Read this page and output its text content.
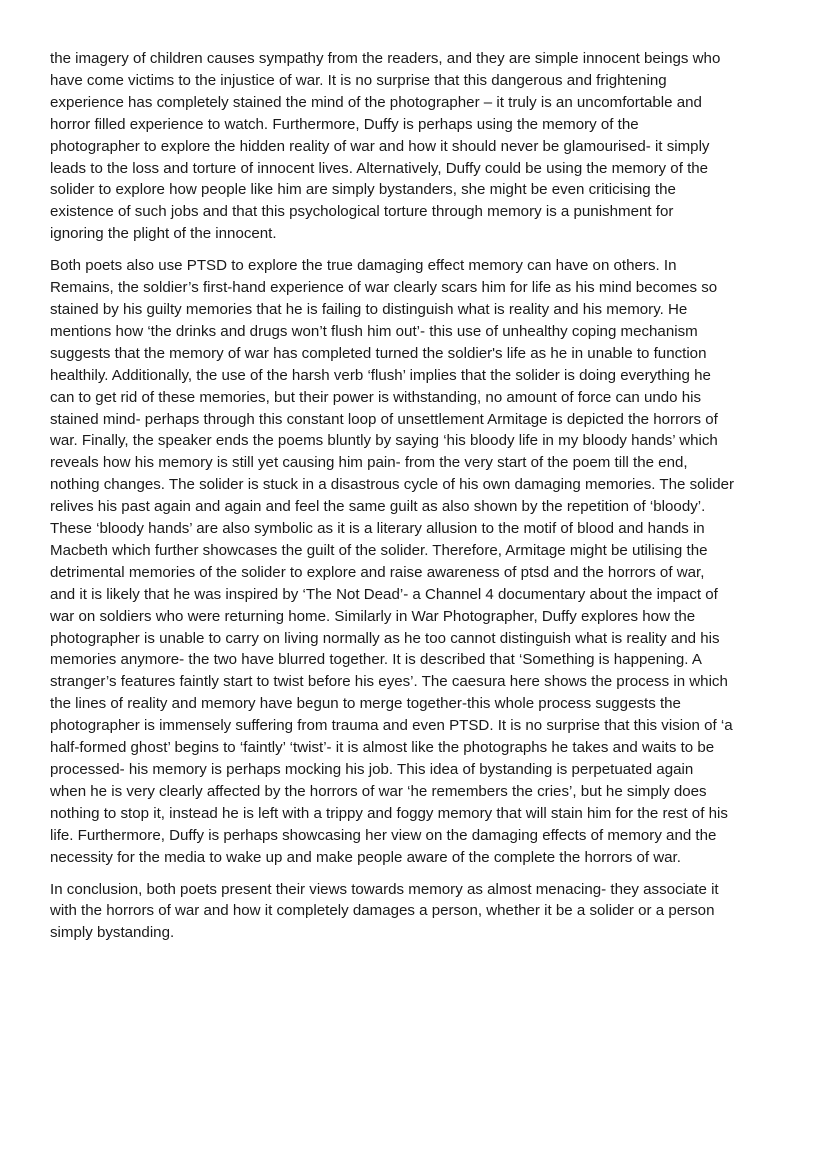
the imagery of children causes sympathy from the readers, and they are simple innocent beings who
have come victims to the injustice of war. It is no surprise that this dangerous and frightening
experience has completely stained the mind of the photographer – it truly is an uncomfortable and
horror filled experience to watch. Furthermore, Duffy is perhaps using the memory of the
photographer to explore the hidden reality of war and how it should never be glamourised- it simply
leads to the loss and torture of innocent lives. Alternatively, Duffy could be using the memory of the
solider to explore how people like him are simply bystanders, she might be even criticising the
existence of such jobs and that this psychological torture through memory is a punishment for
ignoring the plight of the innocent.
Both poets also use PTSD to explore the true damaging effect memory can have on others. In
Remains, the soldier’s first-hand experience of war clearly scars him for life as his mind becomes so
stained by his guilty memories that he is failing to distinguish what is reality and his memory. He
mentions how ‘the drinks and drugs won’t flush him out’- this use of unhealthy coping mechanism
suggests that the memory of war has completed turned the soldier's life as he in unable to function
healthily. Additionally, the use of the harsh verb ‘flush’ implies that the solider is doing everything he
can to get rid of these memories, but their power is withstanding, no amount of force can undo his
stained mind- perhaps through this constant loop of unsettlement Armitage is depicted the horrors of
war. Finally, the speaker ends the poems bluntly by saying ‘his bloody life in my bloody hands’ which
reveals how his memory is still yet causing him pain- from the very start of the poem till the end,
nothing changes. The solider is stuck in a disastrous cycle of his own damaging memories. The solider
relives his past again and again and feel the same guilt as also shown by the repetition of ‘bloody’.
These ‘bloody hands’ are also symbolic as it is a literary allusion to the motif of blood and hands in
Macbeth which further showcases the guilt of the solider. Therefore, Armitage might be utilising the
detrimental memories of the solider to explore and raise awareness of ptsd and the horrors of war,
and it is likely that he was inspired by ‘The Not Dead’- a Channel 4 documentary about the impact of
war on soldiers who were returning home. Similarly in War Photographer, Duffy explores how the
photographer is unable to carry on living normally as he too cannot distinguish what is reality and his
memories anymore- the two have blurred together. It is described that ‘Something is happening. A
stranger’s features faintly start to twist before his eyes’. The caesura here shows the process in which
the lines of reality and memory have begun to merge together-this whole process suggests the
photographer is immensely suffering from trauma and even PTSD. It is no surprise that this vision of ‘a
half-formed ghost’ begins to ‘faintly’ ‘twist’- it is almost like the photographs he takes and waits to be
processed- his memory is perhaps mocking his job. This idea of bystanding is perpetuated again
when he is very clearly affected by the horrors of war ‘he remembers the cries’, but he simply does
nothing to stop it, instead he is left with a trippy and foggy memory that will stain him for the rest of his
life. Furthermore, Duffy is perhaps showcasing her view on the damaging effects of memory and the
necessity for the media to wake up and make people aware of the complete the horrors of war.
In conclusion, both poets present their views towards memory as almost menacing- they associate it
with the horrors of war and how it completely damages a person, whether it be a solider or a person
simply bystanding.
